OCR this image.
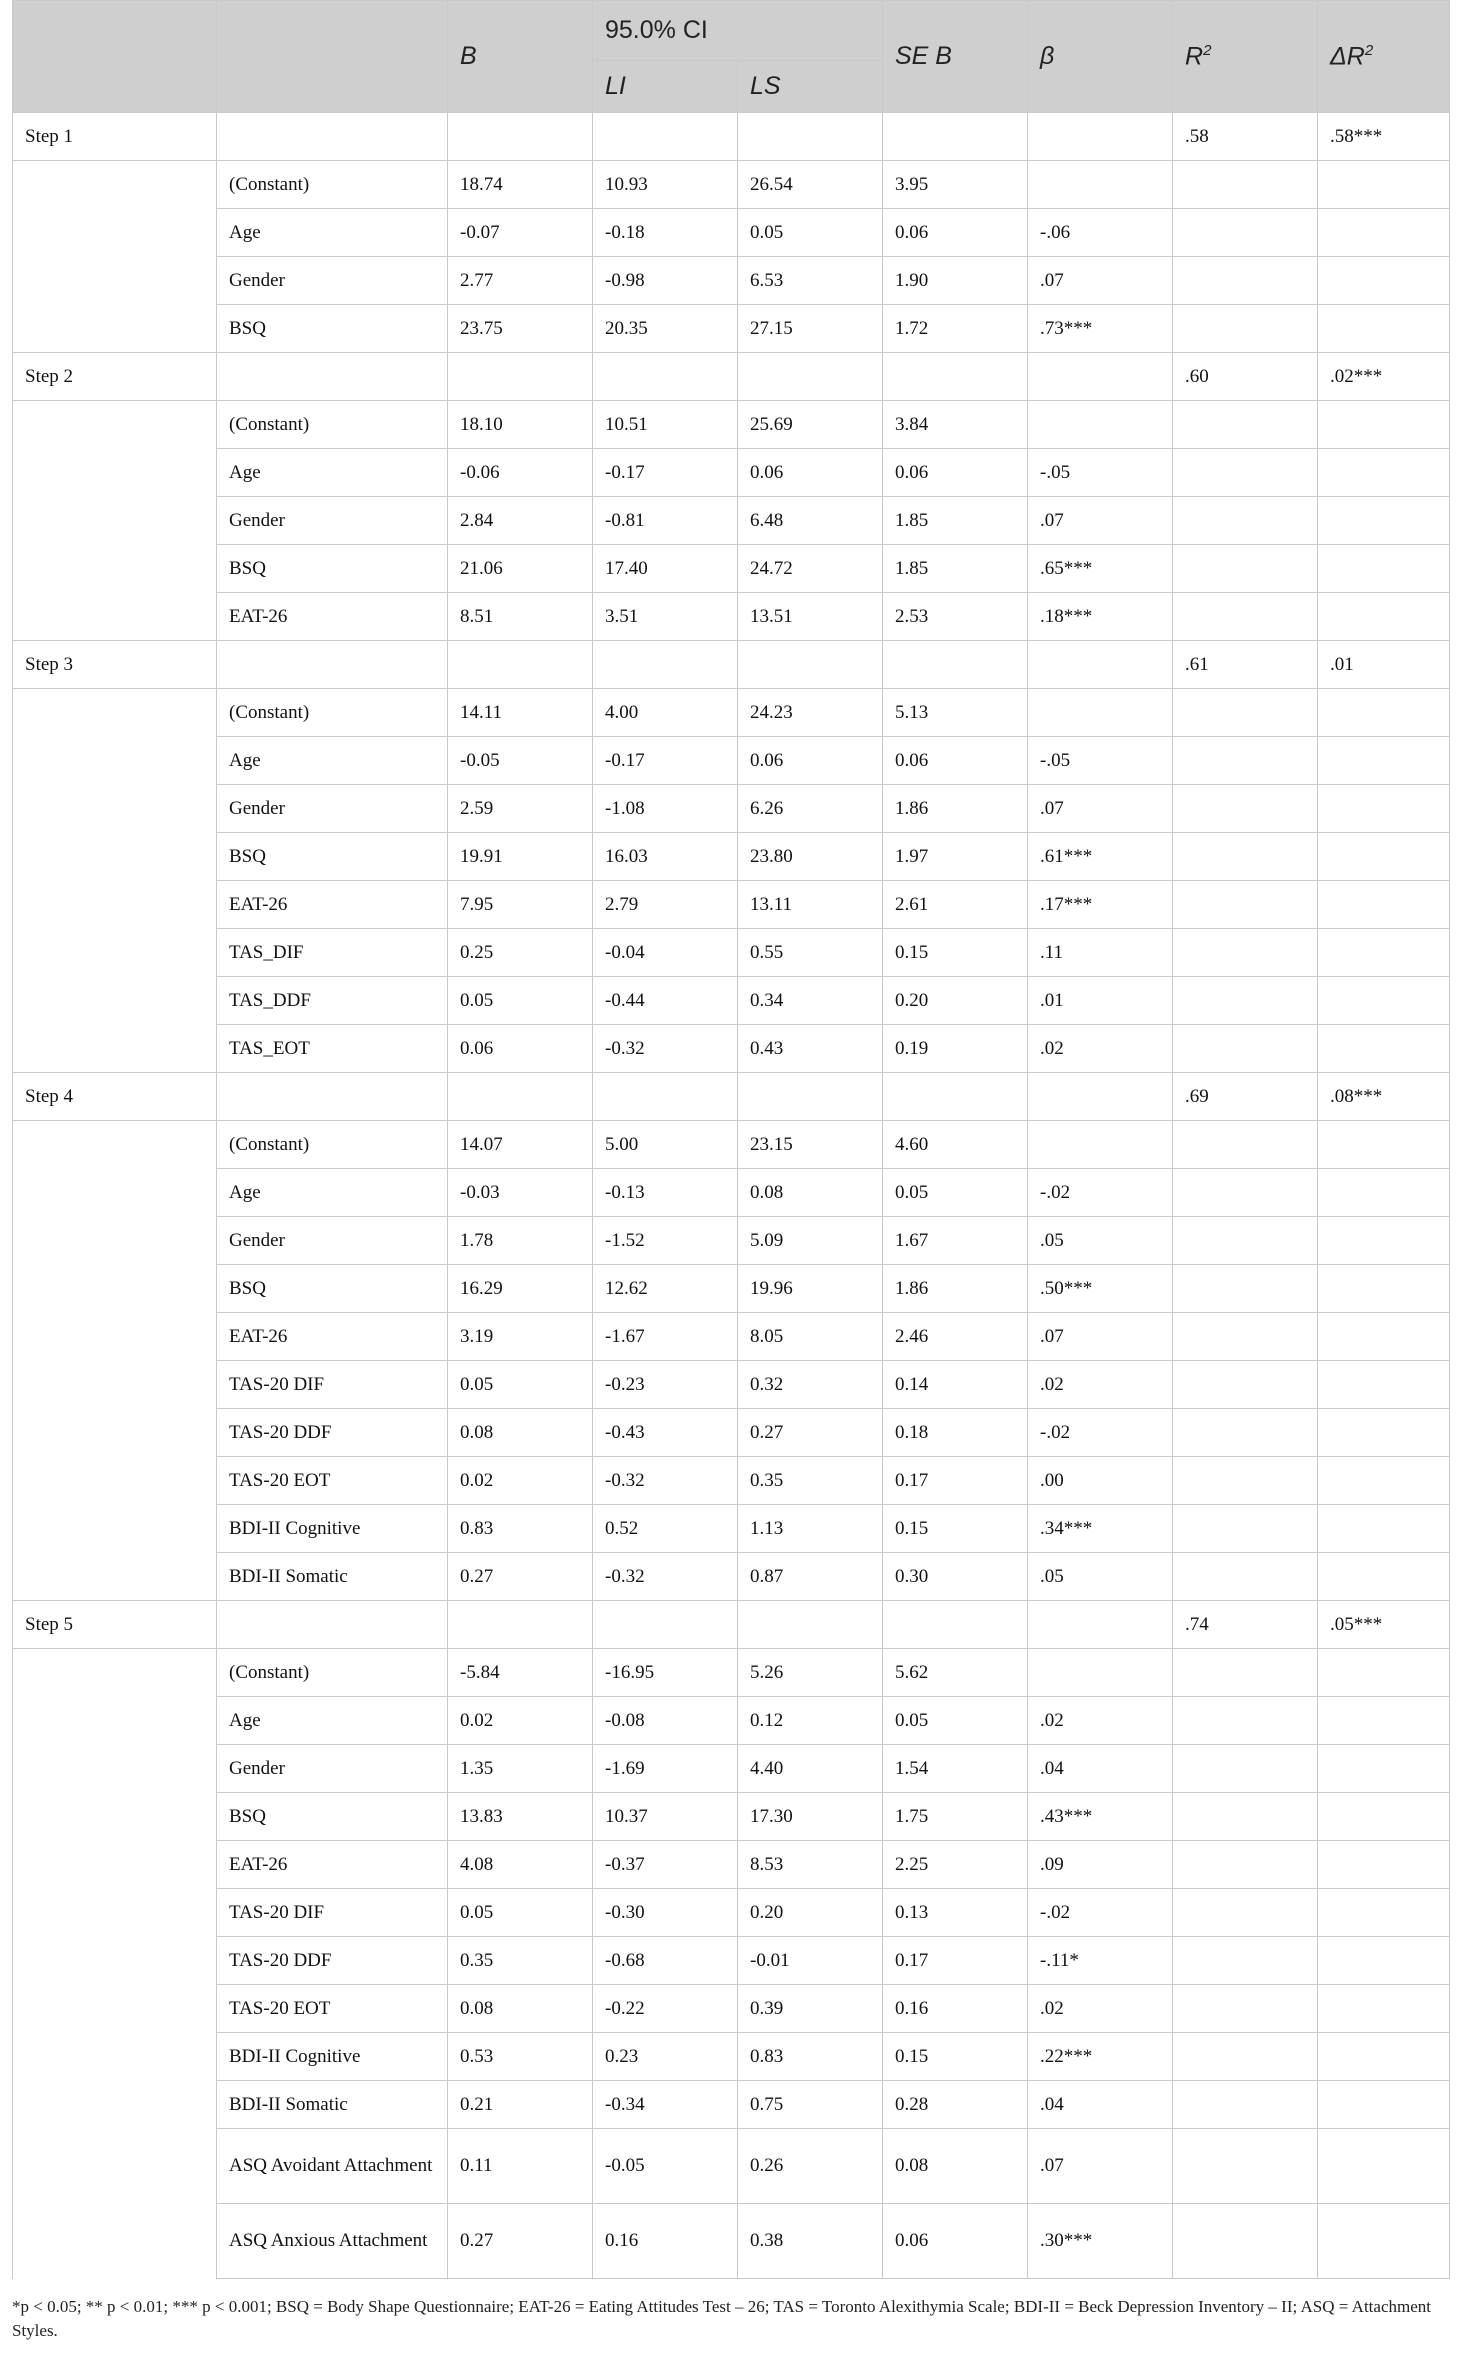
		B	95.0% CI		SE B	β	$R^2$	$\Delta R^2$
			LI	LS				
Step 1							.58	.58***
	(Constant)	18.74	10.93	26.54	3.95			
	Age	-0.07	-0.18	0.05	0.06	-.06		
	Gender	2.77	-0.98	6.53	1.90	.07		
	BSQ	23.75	20.35	27.15	1.72	.73***		
Step 2							.60	.02***
	(Constant)	18.10	10.51	25.69	3.84			
	Age	-0.06	-0.17	0.06	0.06	-.05		
	Gender	2.84	-0.81	6.48	1.85	.07		
	BSQ	21.06	17.40	24.72	1.85	.65***		
	EAT-26	8.51	3.51	13.51	2.53	.18***		
Step 3							.61	.01
	(Constant)	14.11	4.00	24.23	5.13			
	Age	-0.05	-0.17	0.06	0.06	-.05		
	Gender	2.59	-1.08	6.26	1.86	.07		
	BSQ	19.91	16.03	23.80	1.97	.61***		
	EAT-26	7.95	2.79	13.11	2.61	.17***		
	TAS_DIF	0.25	-0.04	0.55	0.15	.11		
	TAS_DDF	0.05	-0.44	0.34	0.20	.01		
	TAS_EOT	0.06	-0.32	0.43	0.19	.02		
Step 4							.69	.08***
	(Constant)	14.07	5.00	23.15	4.60			
	Age	-0.03	-0.13	0.08	0.05	-.02		
	Gender	1.78	-1.52	5.09	1.67	.05		
	BSQ	16.29	12.62	19.96	1.86	.50***		
	EAT-26	3.19	-1.67	8.05	2.46	.07		
	TAS-20 DIF	0.05	-0.23	0.32	0.14	.02		
	TAS-20 DDF	0.08	-0.43	0.27	0.18	-.02		
	TAS-20 EOT	0.02	-0.32	0.35	0.17	.00		
	BDI-II Cognitive	0.83	0.52	1.13	0.15	.34***		
	BDI-II Somatic	0.27	-0.32	0.87	0.30	.05		
Step 5							.74	.05***
	(Constant)	-5.84	-16.95	5.26	5.62			
	Age	0.02	-0.08	0.12	0.05	.02		
	Gender	1.35	-1.69	4.40	1.54	.04		
	BSQ	13.83	10.37	17.30	1.75	.43***		
	EAT-26	4.08	-0.37	8.53	2.25	.09		
	TAS-20 DIF	0.05	-0.30	0.20	0.13	-.02		
	TAS-20 DDF	0.35	-0.68	-0.01	0.17	-.11*		
	TAS-20 EOT	0.08	-0.22	0.39	0.16	.02		
	BDI-II Cognitive	0.53	0.23	0.83	0.15	.22***		
	BDI-II Somatic	0.21	-0.34	0.75	0.28	.04		
	ASQ Avoidant Attachment	0.11	-0.05	0.26	0.08	.07		
	ASQ Anxious Attachment	0.27	0.16	0.38	0.06	.30***		
*p < 0.05; ** p < 0.01; *** p < 0.001; BSQ = Body Shape Questionnaire; EAT-26 = Eating Attitudes Test – 26; TAS = Toronto Alexithymia Scale; BDI-II = Beck Depression Inventory – II; ASQ = Attachment Styles.
